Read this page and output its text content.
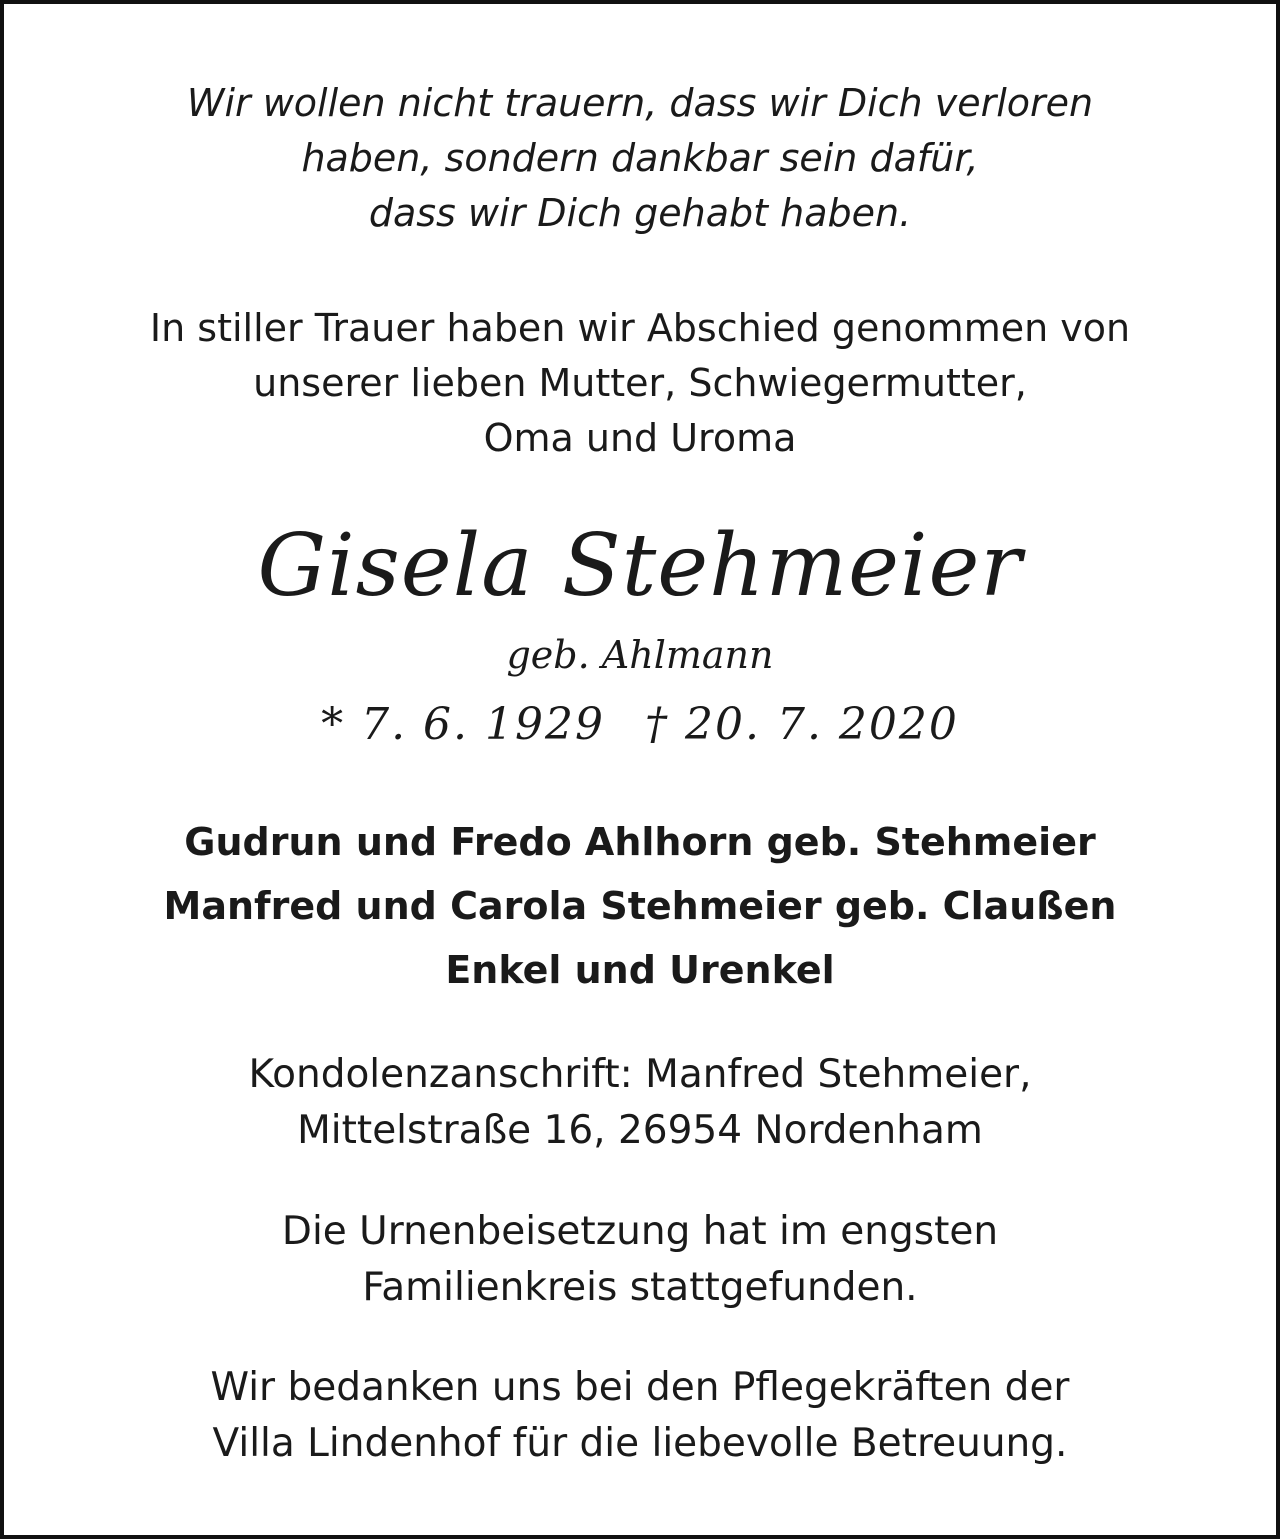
Wir wollen nicht trauern, dass wir Dich verloren
haben, sondern dankbar sein dafür,
dass wir Dich gehabt haben.
In stiller Trauer haben wir Abschied genommen von
unserer lieben Mutter, Schwiegermutter,
Oma und Uroma
Gisela Stehmeier
geb. Ahlmann
* 7. 6. 1929 † 20. 7. 2020
Gudrun und Fredo Ahlhorn geb. Stehmeier
Manfred und Carola Stehmeier geb. Claußen
Enkel und Urenkel
Kondolenzanschrift: Manfred Stehmeier,
Mittelstraße 16, 26954 Nordenham
Die Urnenbeisetzung hat im engsten
Familienkreis stattgefunden.
Wir bedanken uns bei den Pflegekräften der
Villa Lindenhof für die liebevolle Betreuung.
